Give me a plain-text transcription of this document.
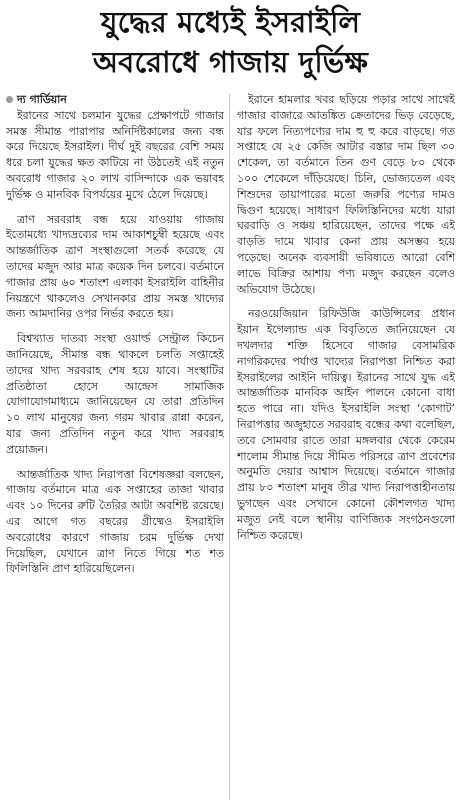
যুদ্ধের মধ্যেই ইসরাইলি
অবরোধে গাজায় দুর্ভিক্ষ
দ্য গার্ডিয়ান

ইরানের সাথে চলমান যুদ্ধের প্রেক্ষাপটে গাজার সমস্ত সীমান্ত পারাপার অনির্দিষ্টকালের জন্য বন্ধ করে দিয়েছে ইসরাইল। দীর্ঘ দুই বছরের বেশি সময় ধরে চলা যুদ্ধের ক্ষত কাটিয়ে না উঠতেই এই নতুন অবরোধ গাজার ২০ লাখ বাসিন্দাকে এক ভয়াবহ দুর্ভিক্ষ ও মানবিক বিপর্যয়ের মুখে ঠেলে দিয়েছে।

ত্রাণ সরবরাহ বন্ধ হয়ে যাওয়ায় গাজায় ইতোমধ্যে খাদ্যদ্রব্যের দাম আকাশচুম্বী হয়েছে এবং আন্তর্জাতিক ত্রাণ সংস্থাগুলো সতর্ক করেছে যে তাদের মজুদ আর মাত্র কয়েক দিন চলবে। বর্তমানে গাজার প্রায় ৬০ শতাংশ এলাকা ইসরাইলি বাহিনীর নিয়ন্ত্রণে থাকলেও সেখানকার প্রায় সমস্ত খাদ্যের জন্য আমদানির ওপর নির্ভর করতে হয়।

বিশ্বখ্যাত দাতব্য সংস্থা ওয়ার্ল্ড সেন্ট্রাল কিচেন জানিয়েছে, সীমান্ত বন্ধ থাকলে চলতি সপ্তাহেই তাদের খাদ্য সরবরাহ শেষ হয়ে যাবে। সংস্থাটির প্রতিষ্ঠাতা হোসে আন্দ্রেস সামাজিক যোগাযোগমাধ্যমে জানিয়েছেন যে তারা প্রতিদিন ১০ লাখ মানুষের জন্য গরম খাবার রান্না করেন, যার জন্য প্রতিদিন নতুন করে খাদ্য সরবরাহ প্রয়োজন।

আন্তর্জাতিক খাদ্য নিরাপত্তা বিশেষজ্ঞরা বলছেন, গাজায় বর্তমানে মাত্র এক সপ্তাহের তাজা খাবার এবং ১০ দিনের রুটি তৈরির আটা অবশিষ্ট রয়েছে। এর আগে গত বছরের গ্রীষ্মেও ইসরাইলি অবরোধের কারণে গাজায় চরম দুর্ভিক্ষ দেখা দিয়েছিল, যেখানে ত্রাণ নিতে গিয়ে শত শত ফিলিস্তিনি প্রাণ হারিয়েছিলেন।

ইরানে হামলার খবর ছড়িয়ে পড়ার সাথে সাথেই গাজার বাজারে আতঙ্কিত ক্রেতাদের ভিড় বেড়েছে, যার ফলে নিত্যপণ্যের দাম হু হু করে বাড়ছে। গত সপ্তাহে যে ২৫ কেজি আটার বস্তার দাম ছিল ৩০ শেকেল, তা বর্তমানে তিন গুণ বেড়ে ৮০ থেকে ১০০ শেকেলে দাঁড়িয়েছে। চিনি, ভোজ্যতেল এবং শিশুদের ডায়াপারের মতো জরুরি পণ্যের দামও দ্বিগুণ হয়েছে। সাধারণ ফিলিস্তিনিদের মধ্যে যারা ঘরবাড়ি ও সঞ্চয় হারিয়েছেন, তাদের পক্ষে এই বাড়তি দামে খাবার কেনা প্রায় অসম্ভব হয়ে পড়েছে। অনেক ব্যবসায়ী ভবিষ্যতে আরো বেশি লাভে বিক্রির আশায় পণ্য মজুদ করছেন বলেও অভিযোগ উঠেছে।

নরওয়েজিয়ান রিফিউজি কাউন্সিলের প্রধান ইয়ান ইগেল্যান্ড এক বিবৃতিতে জানিয়েছেন যে দখলদার শক্তি হিসেবে গাজার বেসামরিক নাগরিকদের পর্যাপ্ত খাদ্যের নিরাপত্তা নিশ্চিত করা ইসরাইলের আইনি দায়িত্ব। ইরানের সাথে যুদ্ধ এই আন্তর্জাতিক মানবিক আইন পালনে কোনো বাধা হতে পারে না। যদিও ইসরাইলি সংস্থা ‘কোগাট’ নিরাপত্তার অজুহাতে সরবরাহ বন্ধের কথা বলেছিল, তবে সোমবার রাতে তারা মঙ্গলবার থেকে কেরেম শালোম সীমান্ত দিয়ে সীমিত পরিসরে ত্রাণ প্রবেশের অনুমতি দেয়ার আশ্বাস দিয়েছে। বর্তমানে গাজার প্রায় ৮০ শতাংশ মানুষ তীব্র খাদ্য নিরাপত্তাহীনতায় ভুগছেন এবং সেখানে কোনো কৌশলগত খাদ্য মজুত নেই বলে স্থানীয় বাণিজ্যিক সংগঠনগুলো নিশ্চিত করেছে।
